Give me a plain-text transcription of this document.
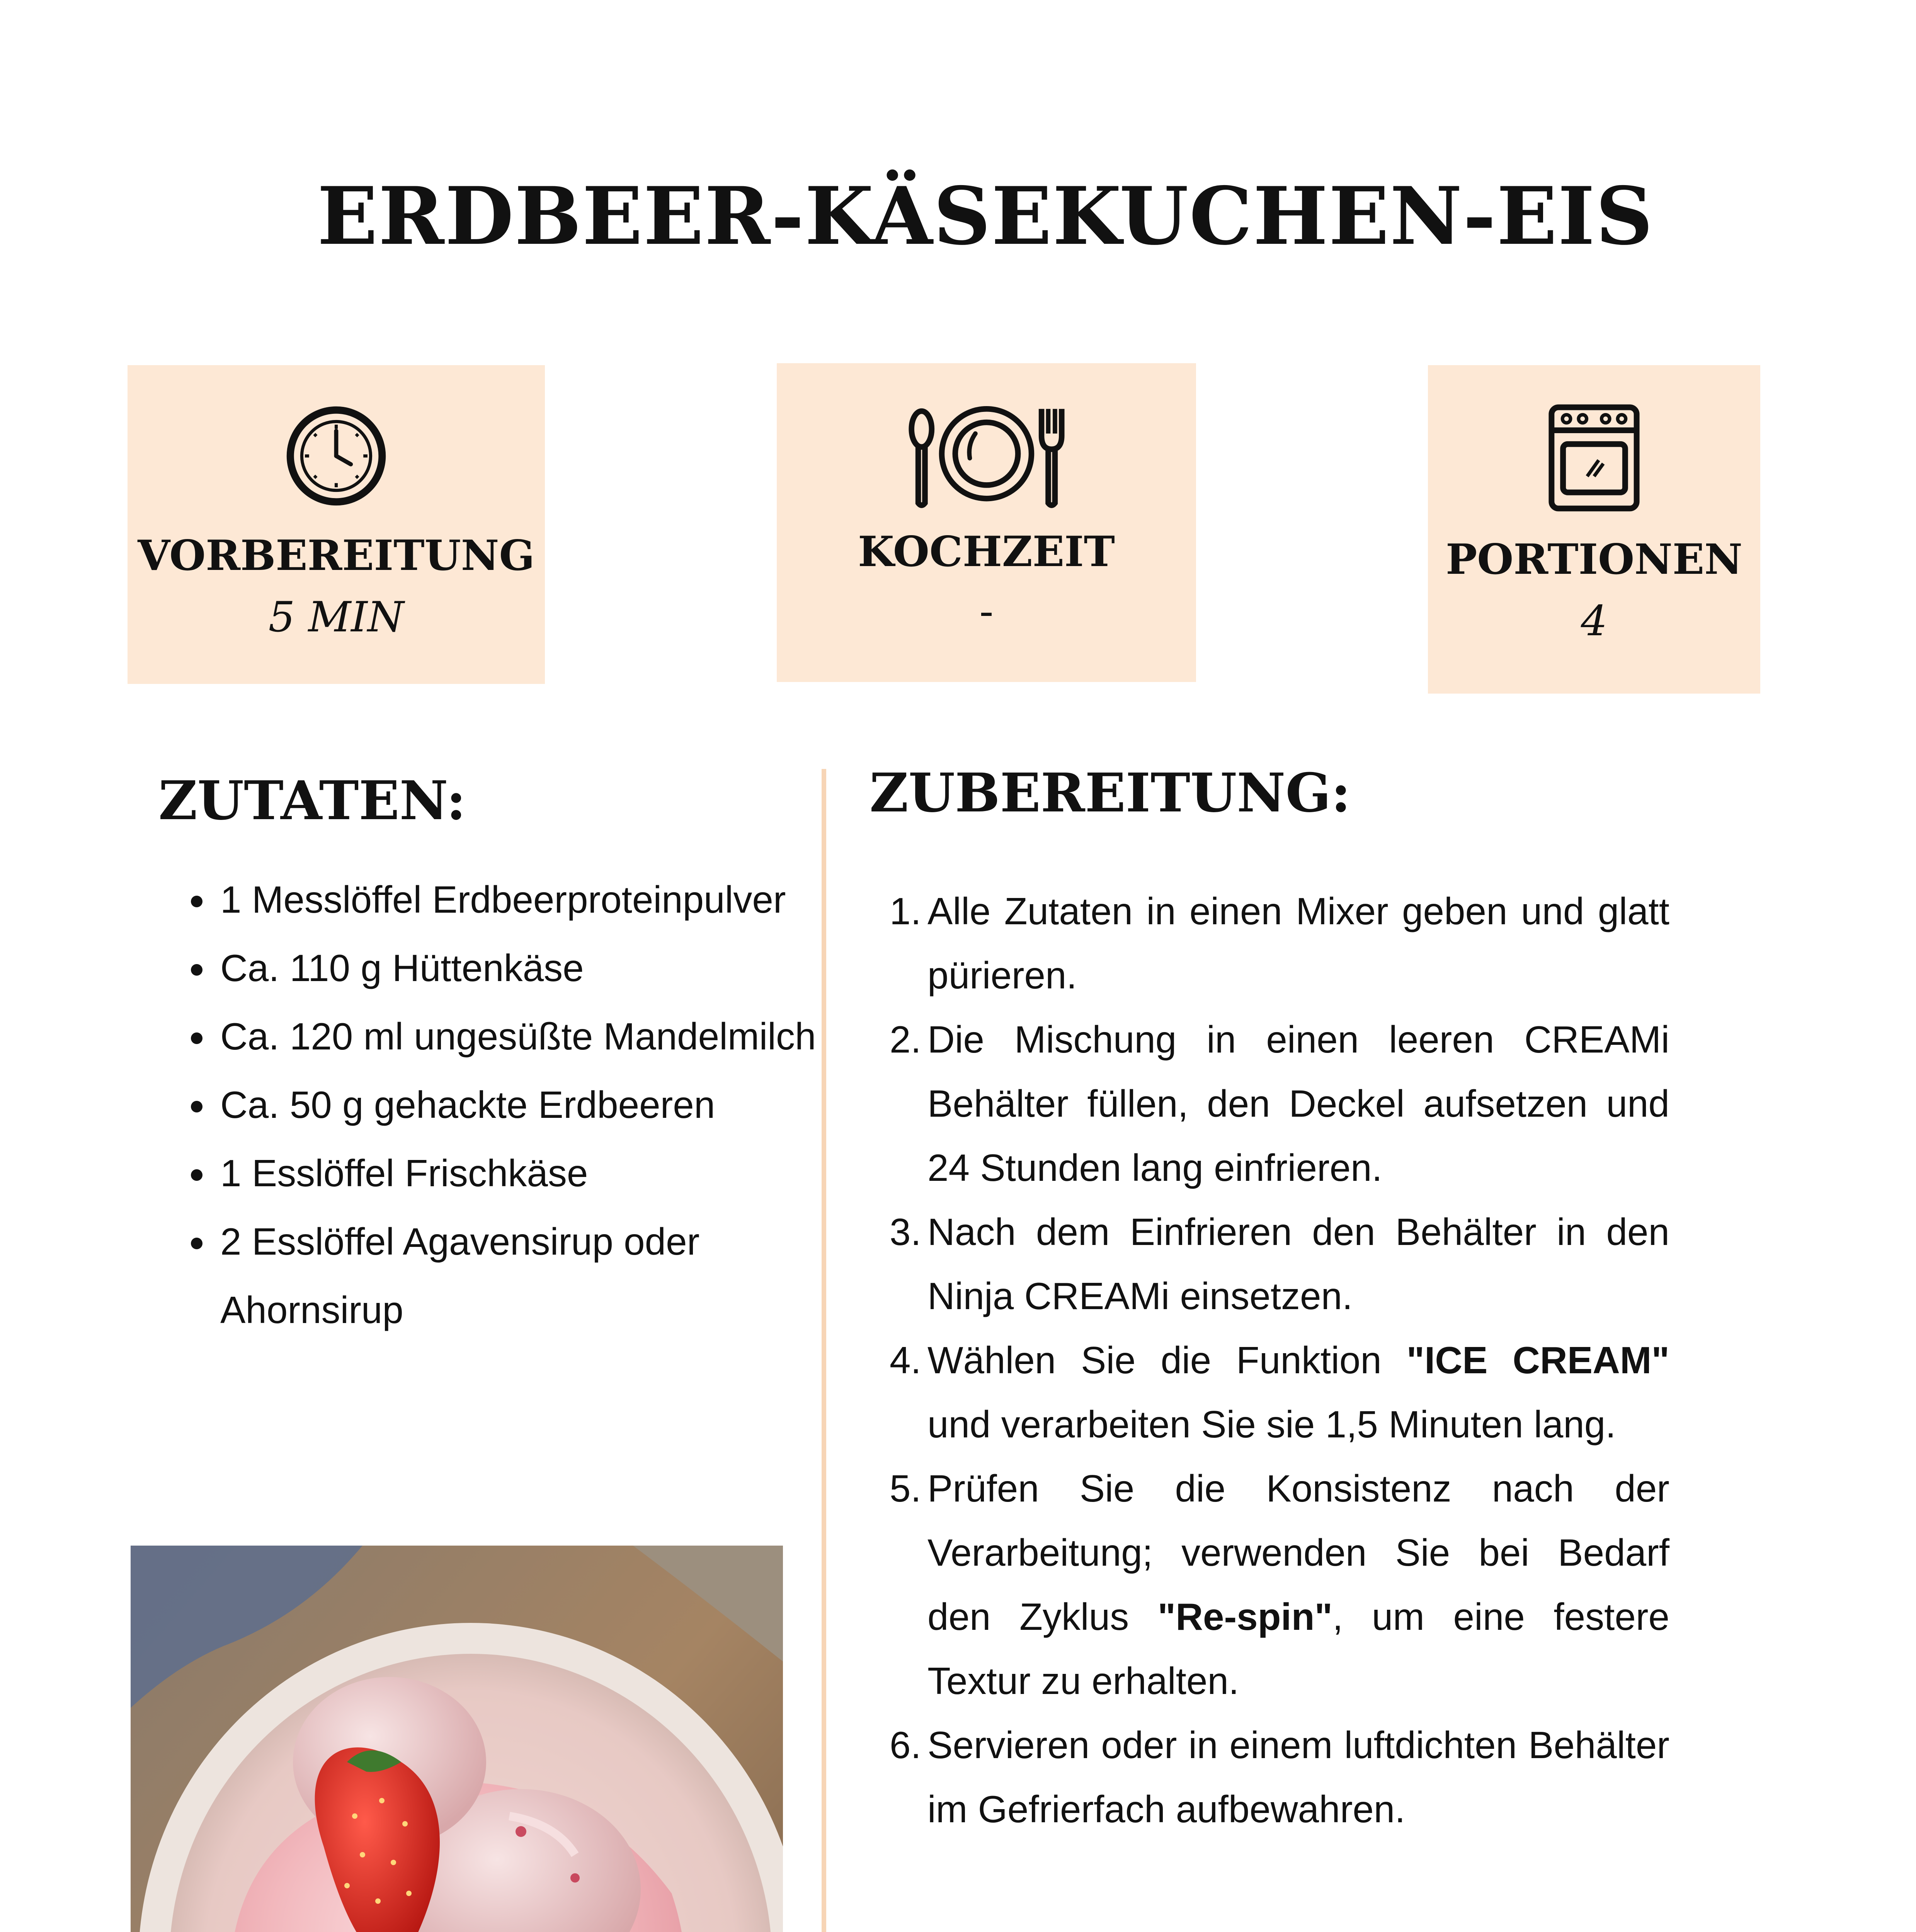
ERDBEER-KÄSEKUCHEN-EIS
VORBEREITUNG
5 MIN
KOCHZEIT
-
PORTIONEN
4
ZUTATEN:
• 1 Messlöffel Erdbeerproteinpulver
• Ca. 110 g Hüttenkäse
• Ca. 120 ml ungesüßte Mandelmilch
• Ca. 50 g gehackte Erdbeeren
• 1 Esslöffel Frischkäse
• 2 Esslöffel Agavensirup oder Ahornsirup
ZUBEREITUNG:
1. Alle Zutaten in einen Mixer geben und glatt pürieren.
2. Die Mischung in einen leeren CREAMi Behälter füllen, den Deckel aufsetzen und 24 Stunden lang einfrieren.
3. Nach dem Einfrieren den Behälter in den Ninja CREAMi einsetzen.
4. Wählen Sie die Funktion "ICE CREAM" und verarbeiten Sie sie 1,5 Minuten lang.
5. Prüfen Sie die Konsistenz nach der Verarbeitung; verwenden Sie bei Bedarf den Zyklus "Re-spin", um eine festere Textur zu erhalten.
6. Servieren oder in einem luftdichten Behälter im Gefrierfach aufbewahren.
